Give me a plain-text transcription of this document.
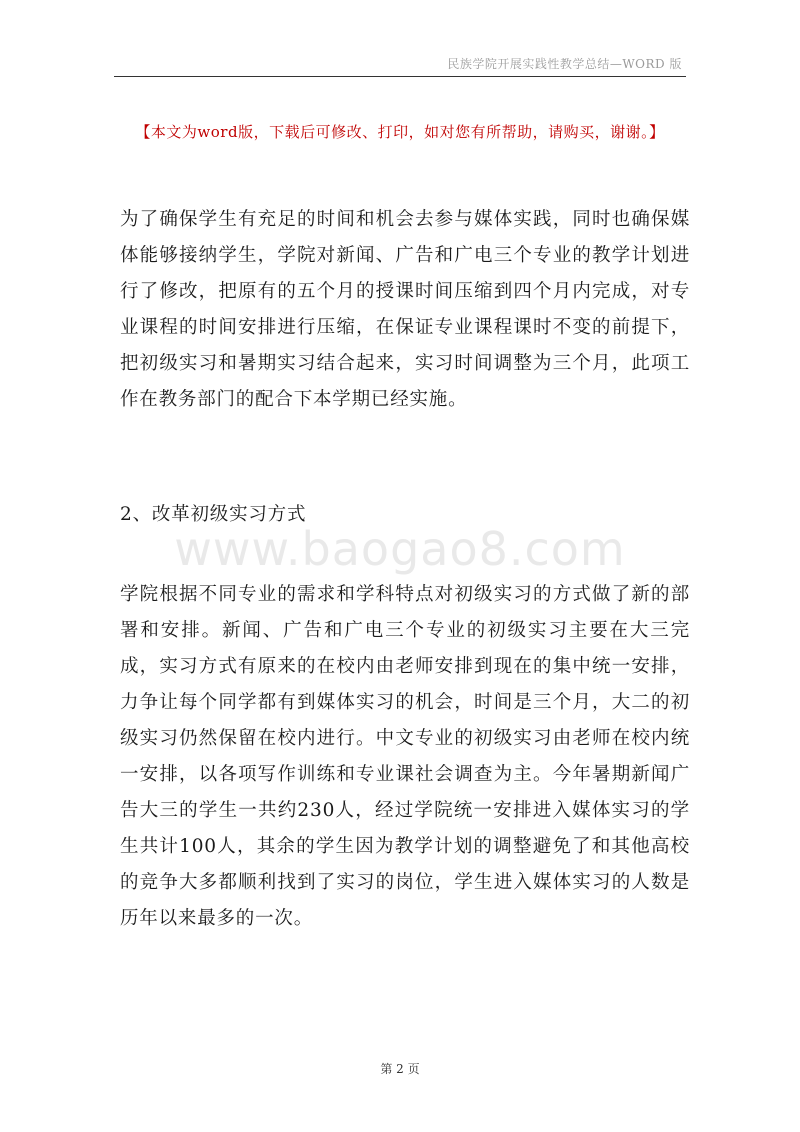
民族学院开展实践性教学总结—WORD 版
【本文为word版，下载后可修改、打印，如对您有所帮助，请购买，谢谢。】

为了确保学生有充足的时间和机会去参与媒体实践，同时也确保媒体能够接纳学生，学院对新闻、广告和广电三个专业的教学计划进行了修改，把原有的五个月的授课时间压缩到四个月内完成，对专业课程的时间安排进行压缩，在保证专业课程课时不变的前提下，把初级实习和暑期实习结合起来，实习时间调整为三个月，此项工作在教务部门的配合下本学期已经实施。

2、改革初级实习方式

www.baogao8.com

学院根据不同专业的需求和学科特点对初级实习的方式做了新的部署和安排。新闻、广告和广电三个专业的初级实习主要在大三完成，实习方式有原来的在校内由老师安排到现在的集中统一安排，力争让每个同学都有到媒体实习的机会，时间是三个月，大二的初级实习仍然保留在校内进行。中文专业的初级实习由老师在校内统一安排，以各项写作训练和专业课社会调查为主。今年暑期新闻广告大三的学生一共约230人，经过学院统一安排进入媒体实习的学生共计100人，其余的学生因为教学计划的调整避免了和其他高校的竞争大多都顺利找到了实习的岗位，学生进入媒体实习的人数是历年以来最多的一次。

第 2 页
